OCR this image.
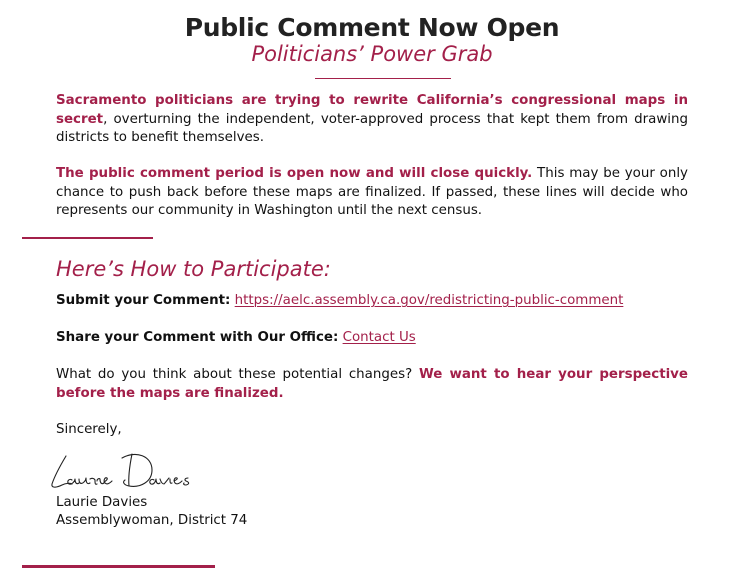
Public Comment Now Open
Politicians’ Power Grab
Sacramento politicians are trying to rewrite California’s congressional maps in secret, overturning the independent, voter-approved process that kept them from drawing districts to benefit themselves.
The public comment period is open now and will close quickly. This may be your only chance to push back before these maps are finalized. If passed, these lines will decide who represents our community in Washington until the next census.
Here’s How to Participate:
Submit your Comment: https://aelc.assembly.ca.gov/redistricting-public-comment
Share your Comment with Our Office: Contact Us
What do you think about these potential changes? We want to hear your perspective before the maps are finalized.
Sincerely,
Laurie Davies
Assemblywoman, District 74
